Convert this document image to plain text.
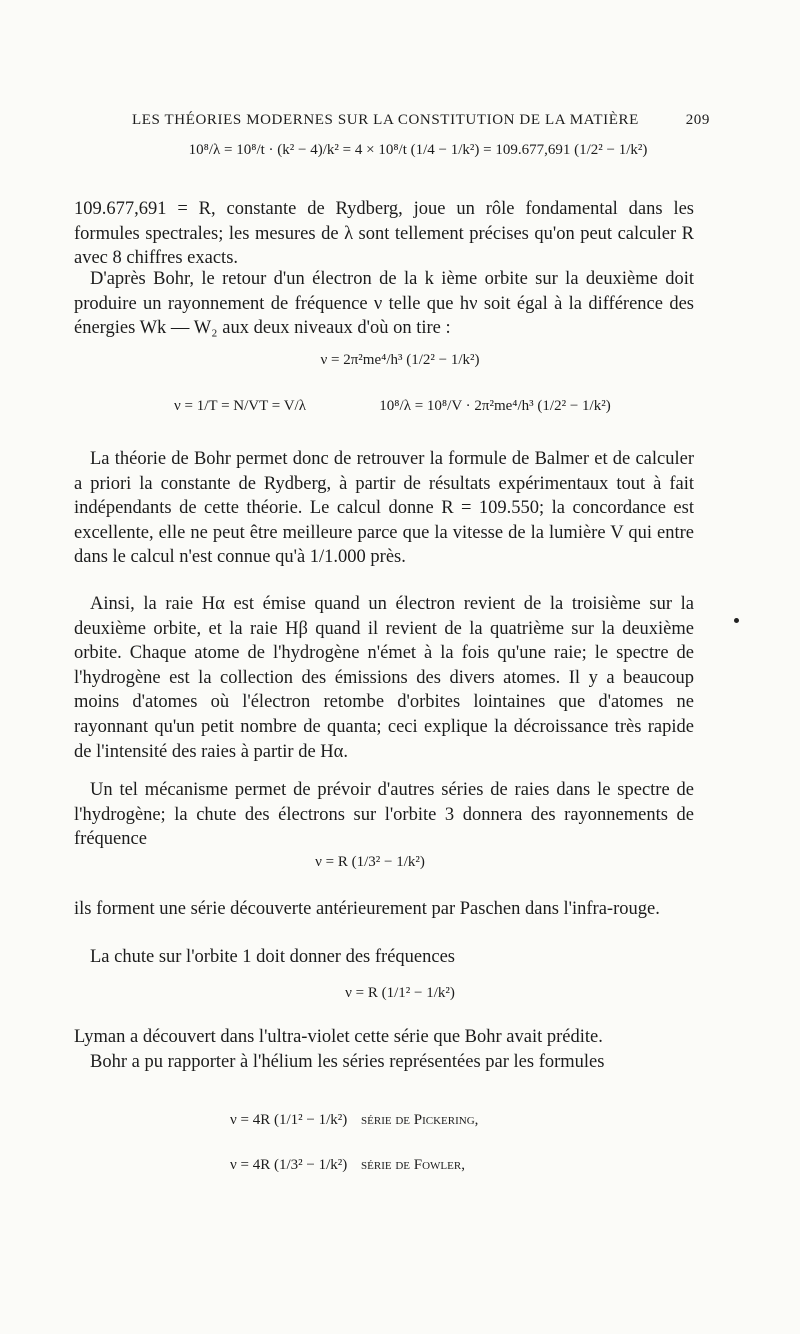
LES THÉORIES MODERNES SUR LA CONSTITUTION DE LA MATIÈRE	209
10⁸/λ = 10⁸/t · (k² − 4)/k² = 4 × 10⁸/t (1/4 − 1/k²) = 109.677,691 (1/2² − 1/k²)

109.677,691 = R, constante de Rydberg, joue un rôle fondamental dans les formules spectrales; les mesures de λ sont tellement précises qu'on peut calculer R avec 8 chiffres exacts.

D'après Bohr, le retour d'un électron de la k ième orbite sur la deuxième doit produire un rayonnement de fréquence ν telle que hν soit égal à la différence des énergies Wk — W₂ aux deux niveaux d'où on tire :

ν = 2π²me⁴/h³ (1/2² − 1/k²)
ν = 1/T = N/VT = V/λ	10⁸/λ = 10⁸/V · 2π²me⁴/h³ (1/2² − 1/k²)

La théorie de Bohr permet donc de retrouver la formule de Balmer et de calculer a priori la constante de Rydberg, à partir de résultats expérimentaux tout à fait indépendants de cette théorie. Le calcul donne R = 109.550; la concordance est excellente, elle ne peut être meilleure parce que la vitesse de la lumière V qui entre dans le calcul n'est connue qu'à 1/1.000 près.

Ainsi, la raie Hα est émise quand un électron revient de la troisième sur la deuxième orbite, et la raie Hβ quand il revient de la quatrième sur la deuxième orbite. Chaque atome de l'hydrogène n'émet à la fois qu'une raie; le spectre de l'hydrogène est la collection des émissions des divers atomes. Il y a beaucoup moins d'atomes où l'électron retombe d'orbites lointaines que d'atomes ne rayonnant qu'un petit nombre de quanta; ceci explique la décroissance très rapide de l'intensité des raies à partir de Hα.

Un tel mécanisme permet de prévoir d'autres séries de raies dans le spectre de l'hydrogène; la chute des électrons sur l'orbite 3 donnera des rayonnements de fréquence

ν = R (1/3² − 1/k²)

ils forment une série découverte antérieurement par Paschen dans l'infra-rouge.

La chute sur l'orbite 1 doit donner des fréquences

ν = R (1/1² − 1/k²)

Lyman a découvert dans l'ultra-violet cette série que Bohr avait prédite.

Bohr a pu rapporter à l'hélium les séries représentées par les formules

ν = 4R (1/1² − 1/k²) série de Pickering,
ν = 4R (1/3² − 1/k²) série de Fowler,
